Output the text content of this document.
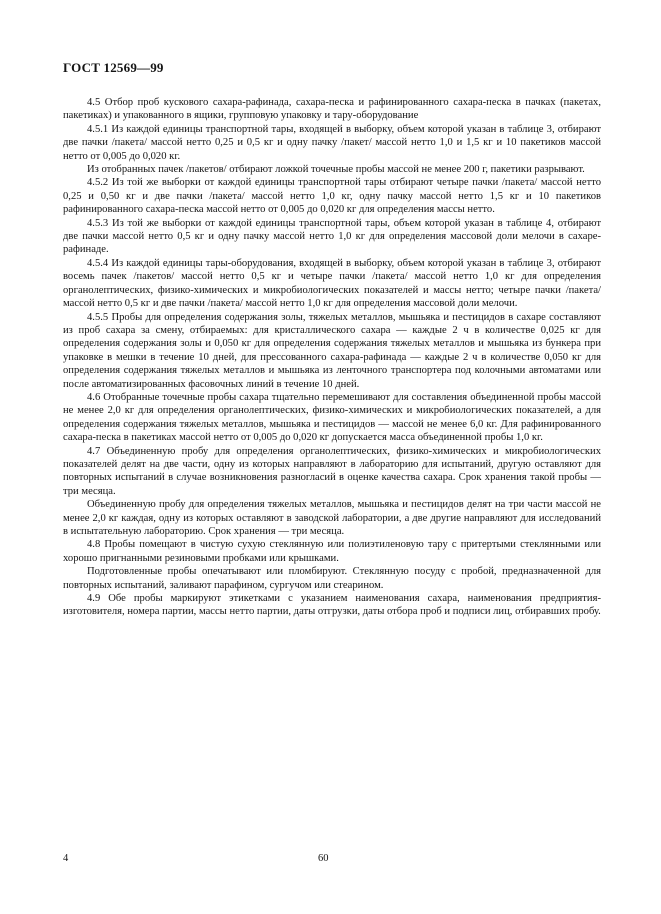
ГОСТ 12569—99

4.5 Отбор проб кускового сахара-рафинада, сахара-песка и рафинированного сахара-песка в пачках (пакетах, пакетиках) и упакованного в ящики, групповую упаковку и тару-оборудование

4.5.1 Из каждой единицы транспортной тары, входящей в выборку, объем которой указан в таблице 3, отбирают две пачки /пакета/ массой нетто 0,25 и 0,5 кг и одну пачку /пакет/ массой нетто 1,0 и 1,5 кг и 10 пакетиков массой нетто от 0,005 до 0,020 кг.

Из отобранных пачек /пакетов/ отбирают ложкой точечные пробы массой не менее 200 г, пакетики разрывают.

4.5.2 Из той же выборки от каждой единицы транспортной тары отбирают четыре пачки /пакета/ массой нетто 0,25 и 0,50 кг и две пачки /пакета/ массой нетто 1,0 кг, одну пачку массой нетто 1,5 кг и 10 пакетиков рафинированного сахара-песка массой нетто от 0,005 до 0,020 кг для определения массы нетто.

4.5.3 Из той же выборки от каждой единицы транспортной тары, объем которой указан в таблице 4, отбирают две пачки массой нетто 0,5 кг и одну пачку массой нетто 1,0 кг для определения массовой доли мелочи в сахаре-рафинаде.

4.5.4 Из каждой единицы тары-оборудования, входящей в выборку, объем которой указан в таблице 3, отбирают восемь пачек /пакетов/ массой нетто 0,5 кг и четыре пачки /пакета/ массой нетто 1,0 кг для определения органолептических, физико-химических и микробиологических показателей и массы нетто; четыре пачки /пакета/ массой нетто 0,5 кг и две пачки /пакета/ массой нетто 1,0 кг для определения массовой доли мелочи.

4.5.5 Пробы для определения содержания золы, тяжелых металлов, мышьяка и пестицидов в сахаре составляют из проб сахара за смену, отбираемых: для кристаллического сахара — каждые 2 ч в количестве 0,025 кг для определения содержания золы и 0,050 кг для определения содержания тяжелых металлов и мышьяка из бункера при упаковке в мешки в течение 10 дней, для прессованного сахара-рафинада — каждые 2 ч в количестве 0,050 кг для определения содержания тяжелых металлов и мышьяка из ленточного транспортера под колочными автоматами или после автоматизированных фасовочных линий в течение 10 дней.

4.6 Отобранные точечные пробы сахара тщательно перемешивают для составления объединенной пробы массой не менее 2,0 кг для определения органолептических, физико-химических и микробиологических показателей, а для определения содержания тяжелых металлов, мышьяка и пестицидов — массой не менее 6,0 кг. Для рафинированного сахара-песка в пакетиках массой нетто от 0,005 до 0,020 кг допускается масса объединенной пробы 1,0 кг.

4.7 Объединенную пробу для определения органолептических, физико-химических и микробиологических показателей делят на две части, одну из которых направляют в лабораторию для испытаний, другую оставляют для повторных испытаний в случае возникновения разногласий в оценке качества сахара. Срок хранения такой пробы — три месяца.

Объединенную пробу для определения тяжелых металлов, мышьяка и пестицидов делят на три части массой не менее 2,0 кг каждая, одну из которых оставляют в заводской лаборатории, а две другие направляют для исследований в испытательную лабораторию. Срок хранения — три месяца.

4.8 Пробы помещают в чистую сухую стеклянную или полиэтиленовую тару с притертыми стеклянными или хорошо пригнанными резиновыми пробками или крышками.

Подготовленные пробы опечатывают или пломбируют. Стеклянную посуду с пробой, предназначенной для повторных испытаний, заливают парафином, сургучом или стеарином.

4.9 Обе пробы маркируют этикетками с указанием наименования сахара, наименования предприятия-изготовителя, номера партии, массы нетто партии, даты отгрузки, даты отбора проб и подписи лиц, отбиравших пробу.

4	60
